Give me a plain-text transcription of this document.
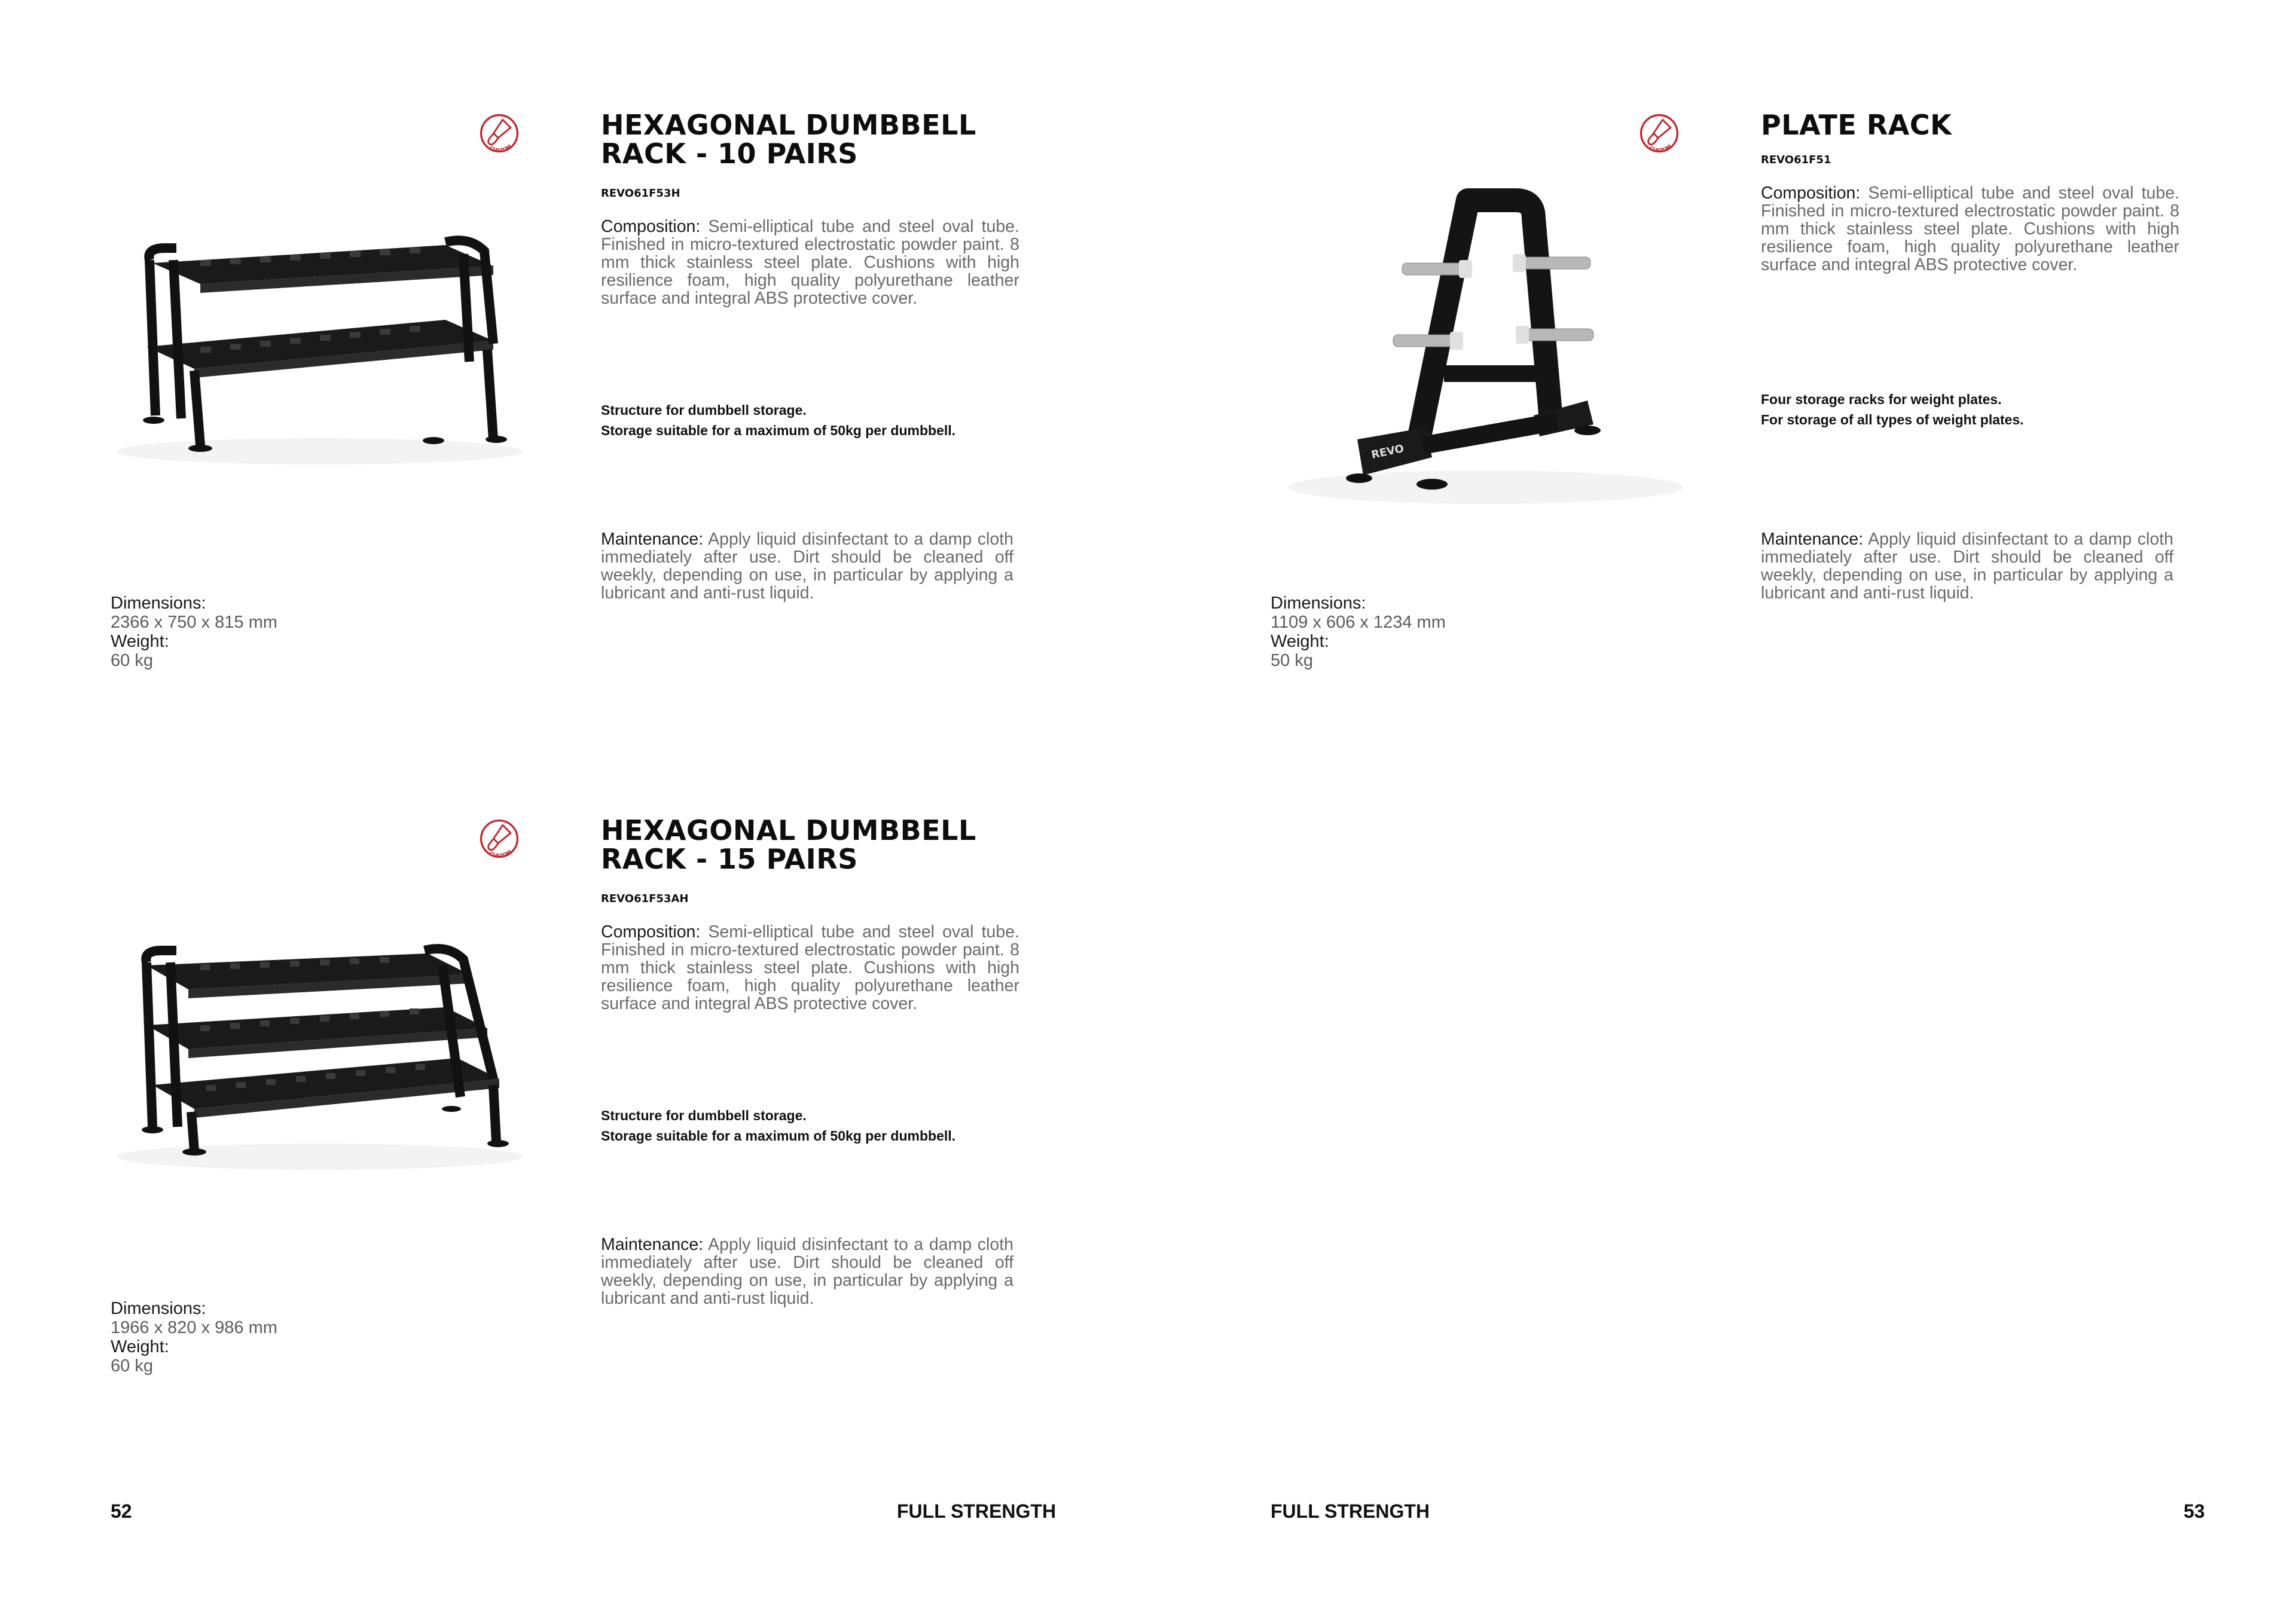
CUSTOM
Dimensions:
2366 x 750 x 815 mm
Weight:
60 kg
HEXAGONAL DUMBBELL
RACK - 10 PAIRS
REVO61F53H

Composition: Semi-elliptical tube and steel oval tube. Finished in micro-textured electrostatic powder paint. 8 mm thick stainless steel plate. Cushions with high resilience foam, high quality polyurethane leather surface and integral ABS protective cover.

Structure for dumbbell storage.
Storage suitable for a maximum of 50kg per dumbbell.

Maintenance: Apply liquid disinfectant to a damp cloth immediately after use. Dirt should be cleaned off weekly, depending on use, in particular by applying a lubricant and anti-rust liquid.

CUSTOM
REVO
Dimensions:
1109 x 606 x 1234 mm
Weight:
50 kg
PLATE RACK
REVO61F51

Composition: Semi-elliptical tube and steel oval tube. Finished in micro-textured electrostatic powder paint. 8 mm thick stainless steel plate. Cushions with high resilience foam, high quality polyurethane leather surface and integral ABS protective cover.

Four storage racks for weight plates.
For storage of all types of weight plates.

Maintenance: Apply liquid disinfectant to a damp cloth immediately after use. Dirt should be cleaned off weekly, depending on use, in particular by applying a lubricant and anti-rust liquid.

CUSTOM
Dimensions:
1966 x 820 x 986 mm
Weight:
60 kg
HEXAGONAL DUMBBELL
RACK - 15 PAIRS
REVO61F53AH

Composition: Semi-elliptical tube and steel oval tube. Finished in micro-textured electrostatic powder paint. 8 mm thick stainless steel plate. Cushions with high resilience foam, high quality polyurethane leather surface and integral ABS protective cover.

Structure for dumbbell storage.
Storage suitable for a maximum of 50kg per dumbbell.

Maintenance: Apply liquid disinfectant to a damp cloth immediately after use. Dirt should be cleaned off weekly, depending on use, in particular by applying a lubricant and anti-rust liquid.

52	FULL STRENGTH	FULL STRENGTH	53
